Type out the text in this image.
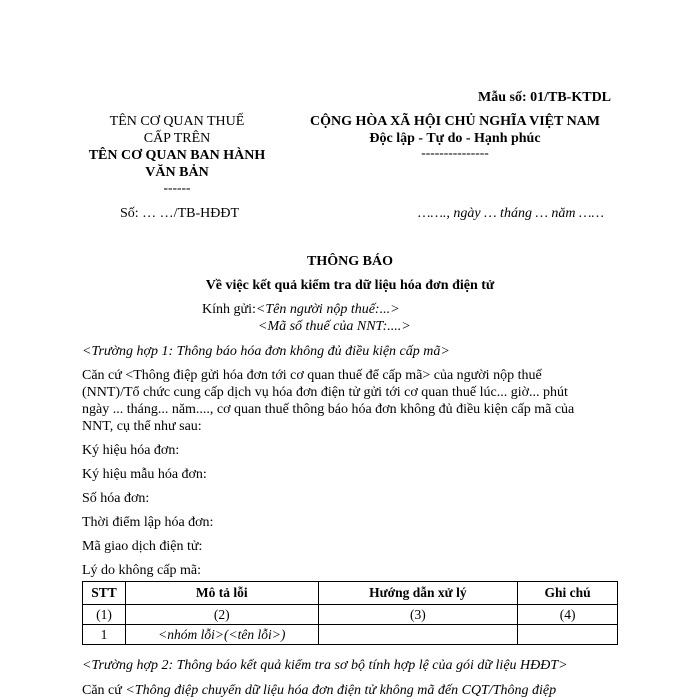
Mẫu số: 01/TB-KTDL
TÊN CƠ QUAN THUẾ
CẤP TRÊN
TÊN CƠ QUAN BAN HÀNH
VĂN BẢN
------
Số: … …/TB-HĐĐT
CỘNG HÒA XÃ HỘI CHỦ NGHĨA VIỆT NAM
Độc lập - Tự do - Hạnh phúc
---------------
……., ngày … tháng … năm ……
THÔNG BÁO
Về việc kết quả kiểm tra dữ liệu hóa đơn điện tử
Kính gửi:<Tên người nộp thuế:...>
<Mã số thuế của NNT:....>
<Trường hợp 1: Thông báo hóa đơn không đủ điều kiện cấp mã>
Căn cứ <Thông điệp gửi hóa đơn tới cơ quan thuế để cấp mã> của người nộp thuế
(NNT)/Tổ chức cung cấp dịch vụ hóa đơn điện tử gửi tới cơ quan thuế lúc... giờ... phút
ngày ... tháng... năm...., cơ quan thuế thông báo hóa đơn không đủ điều kiện cấp mã của
NNT, cụ thể như sau:
Ký hiệu hóa đơn:
Ký hiệu mẫu hóa đơn:
Số hóa đơn:
Thời điểm lập hóa đơn:
Mã giao dịch điện tử:
Lý do không cấp mã:
STT	Mô tả lỗi	Hướng dẫn xử lý	Ghi chú
(1)	(2)	(3)	(4)
1	<nhóm lỗi>(<tên lỗi>)		
<Trường hợp 2: Thông báo kết quả kiểm tra sơ bộ tính hợp lệ của gói dữ liệu HĐĐT>
Căn cứ <Thông điệp chuyển dữ liệu hóa đơn điện tử không mã đến CQT/Thông điệp
